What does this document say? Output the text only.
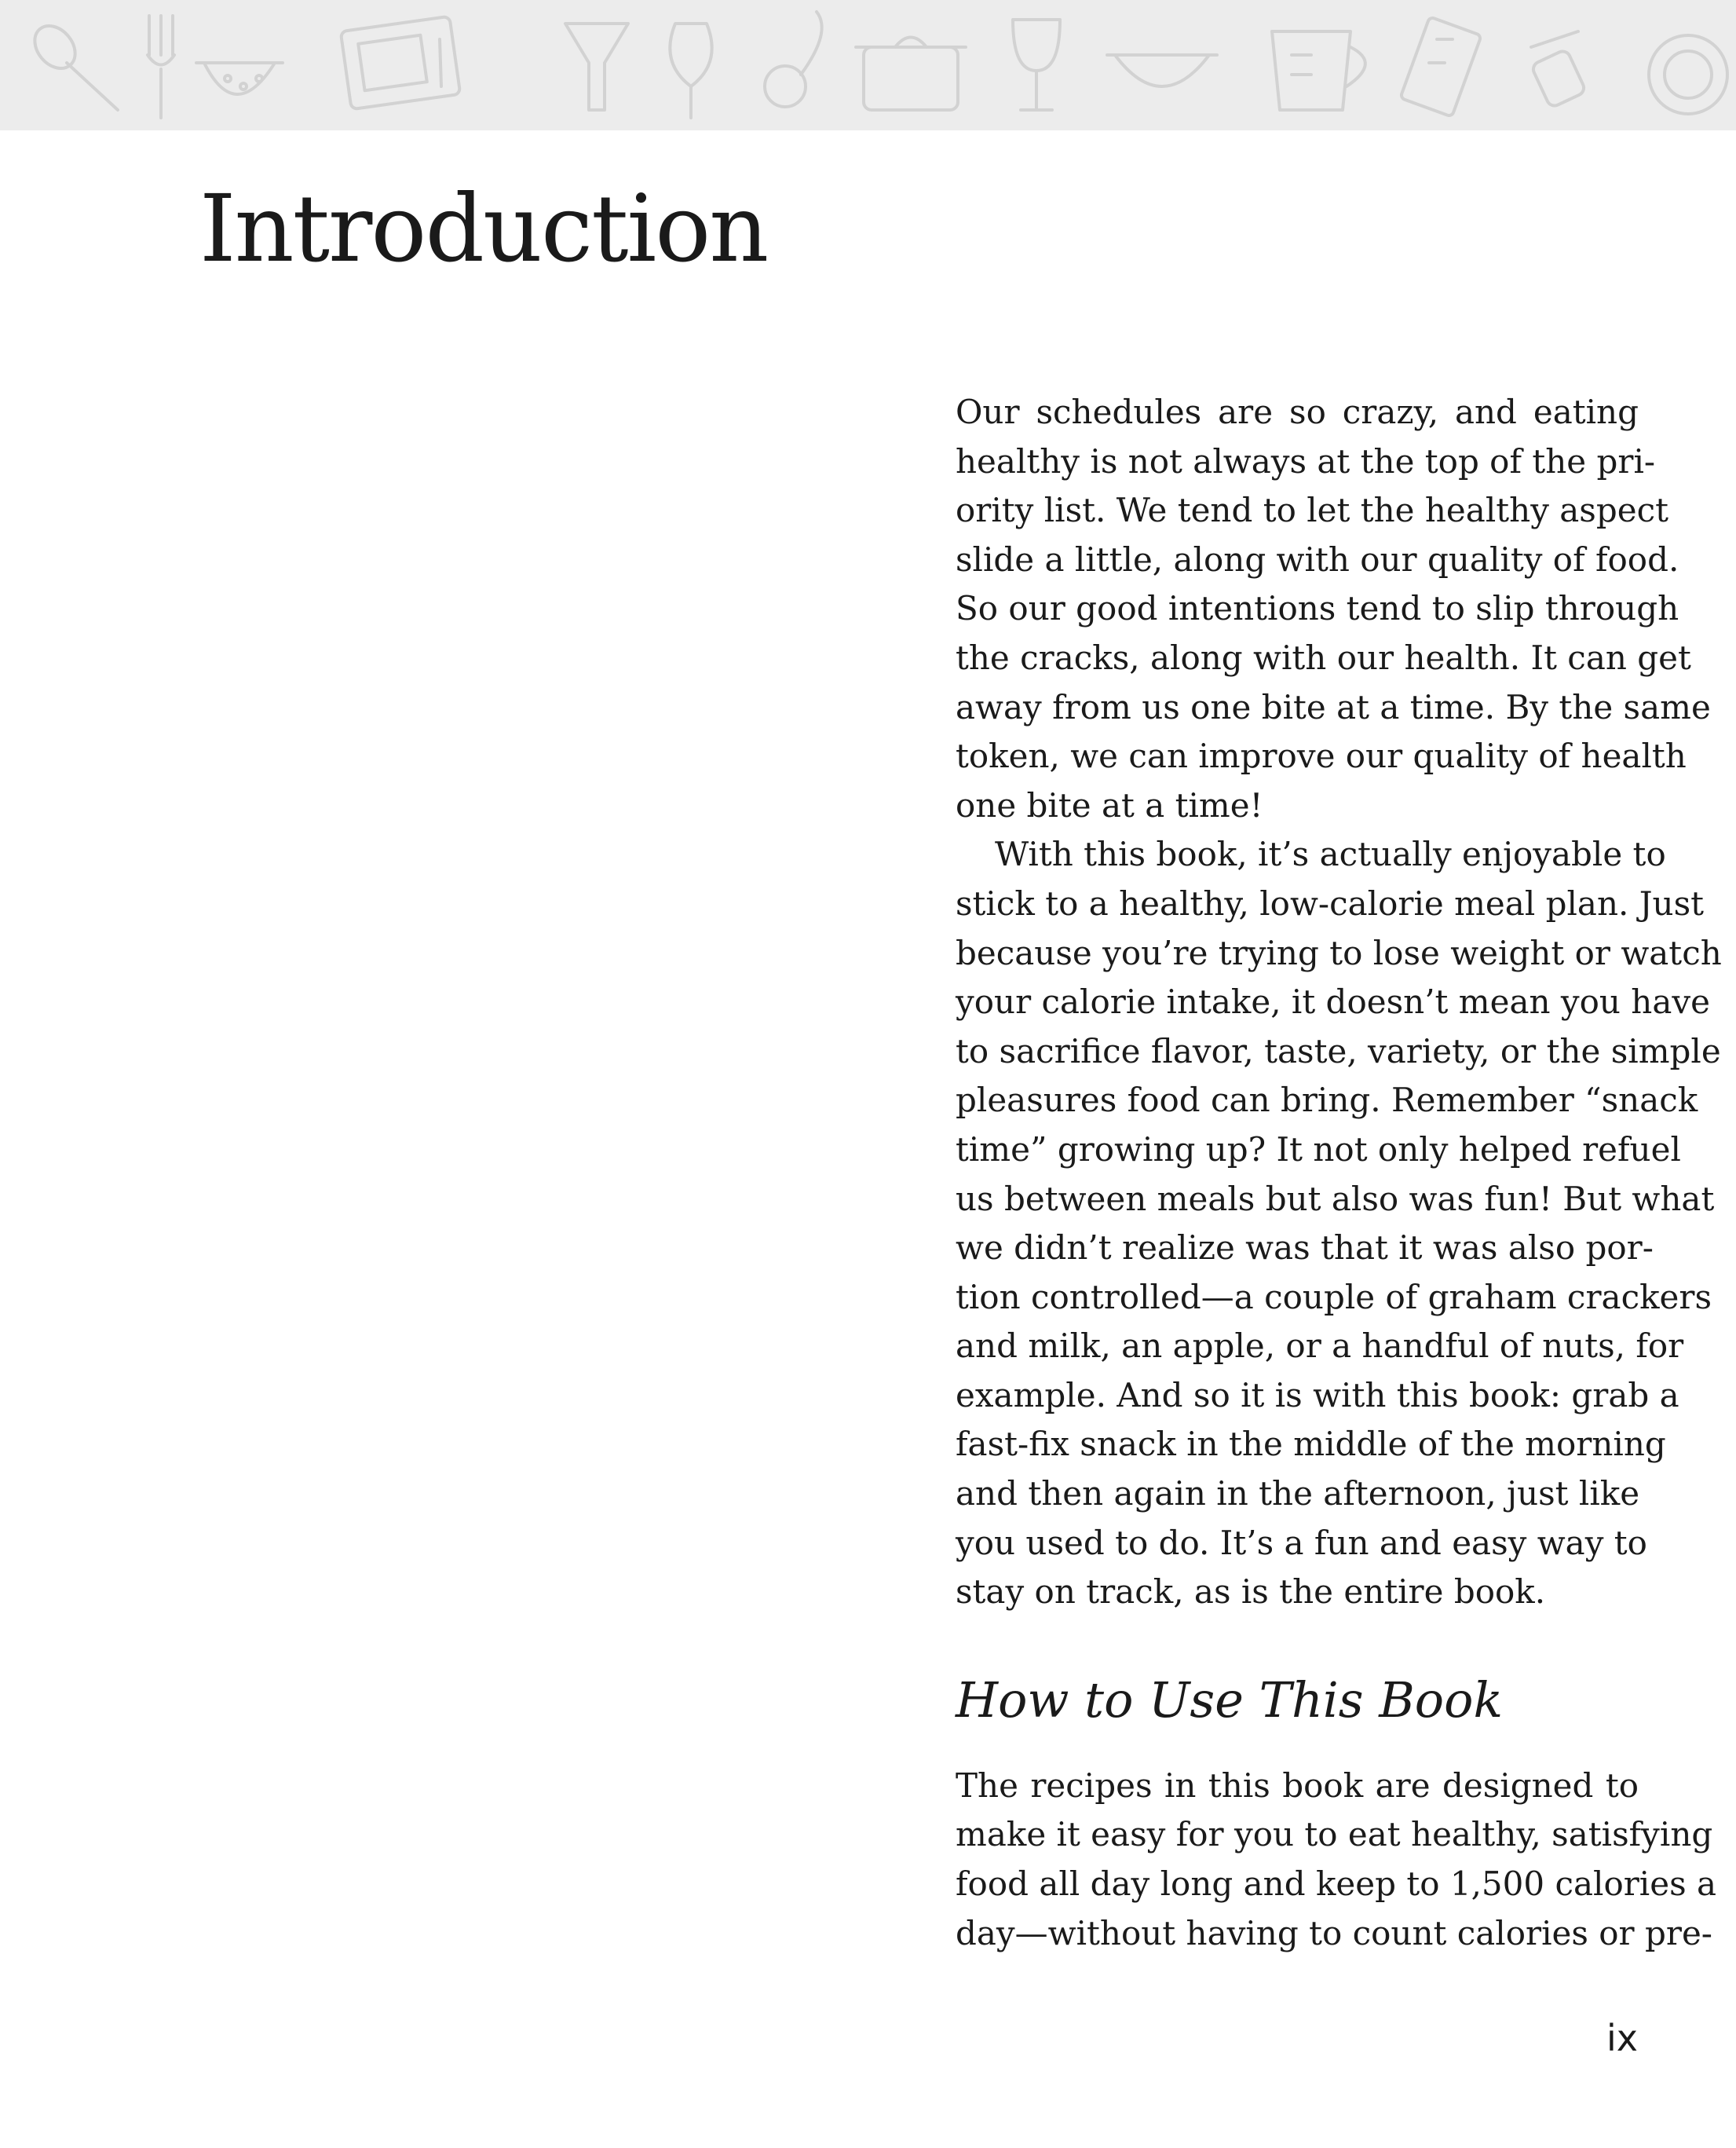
Introduction
Our schedules are so crazy, and eating
healthy is not always at the top of the pri-
ority list. We tend to let the healthy aspect
slide a little, along with our quality of food.
So our good intentions tend to slip through
the cracks, along with our health. It can get
away from us one bite at a time. By the same
token, we can improve our quality of health
one bite at a time!
With this book, it’s actually enjoyable to
stick to a healthy, low-calorie meal plan. Just
because you’re trying to lose weight or watch
your calorie intake, it doesn’t mean you have
to sacrifice flavor, taste, variety, or the simple
pleasures food can bring. Remember “snack
time” growing up? It not only helped refuel
us between meals but also was fun! But what
we didn’t realize was that it was also por-
tion controlled—a couple of graham crackers
and milk, an apple, or a handful of nuts, for
example. And so it is with this book: grab a
fast-fix snack in the middle of the morning
and then again in the afternoon, just like
you used to do. It’s a fun and easy way to
stay on track, as is the entire book.
How to Use This Book
The recipes in this book are designed to
make it easy for you to eat healthy, satisfying
food all day long and keep to 1,500 calories a
day—without having to count calories or pre-
ix
